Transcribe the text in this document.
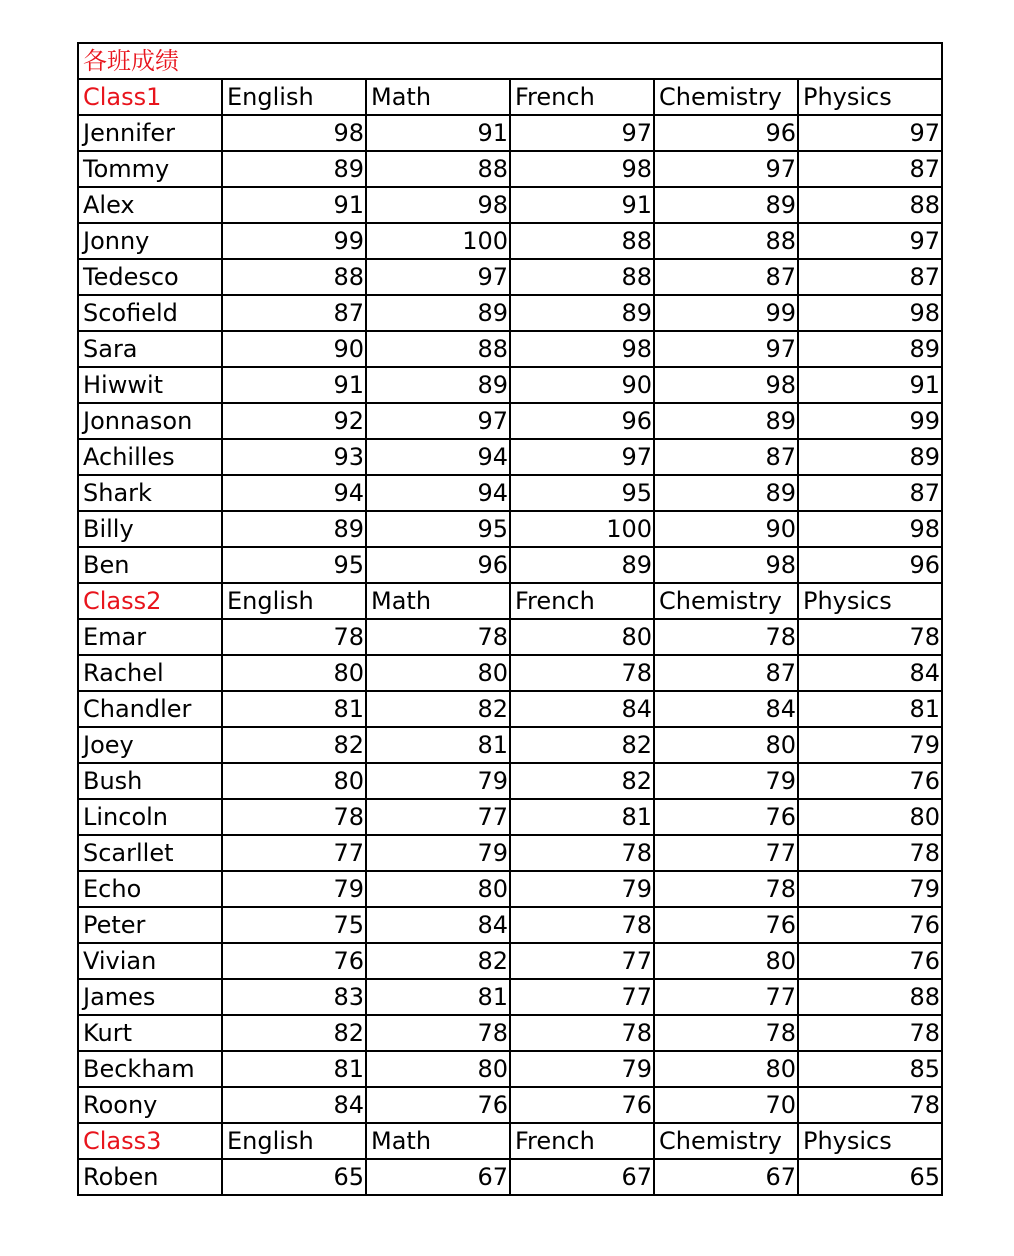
各班成绩					
Class1	English	Math	French	Chemistry	Physics
Jennifer	98	91	97	96	97
Tommy	89	88	98	97	87
Alex	91	98	91	89	88
Jonny	99	100	88	88	97
Tedesco	88	97	88	87	87
Scofield	87	89	89	99	98
Sara	90	88	98	97	89
Hiwwit	91	89	90	98	91
Jonnason	92	97	96	89	99
Achilles	93	94	97	87	89
Shark	94	94	95	89	87
Billy	89	95	100	90	98
Ben	95	96	89	98	96
Class2	English	Math	French	Chemistry	Physics
Emar	78	78	80	78	78
Rachel	80	80	78	87	84
Chandler	81	82	84	84	81
Joey	82	81	82	80	79
Bush	80	79	82	79	76
Lincoln	78	77	81	76	80
Scarllet	77	79	78	77	78
Echo	79	80	79	78	79
Peter	75	84	78	76	76
Vivian	76	82	77	80	76
James	83	81	77	77	88
Kurt	82	78	78	78	78
Beckham	81	80	79	80	85
Roony	84	76	76	70	78
Class3	English	Math	French	Chemistry	Physics
Roben	65	67	67	67	65
